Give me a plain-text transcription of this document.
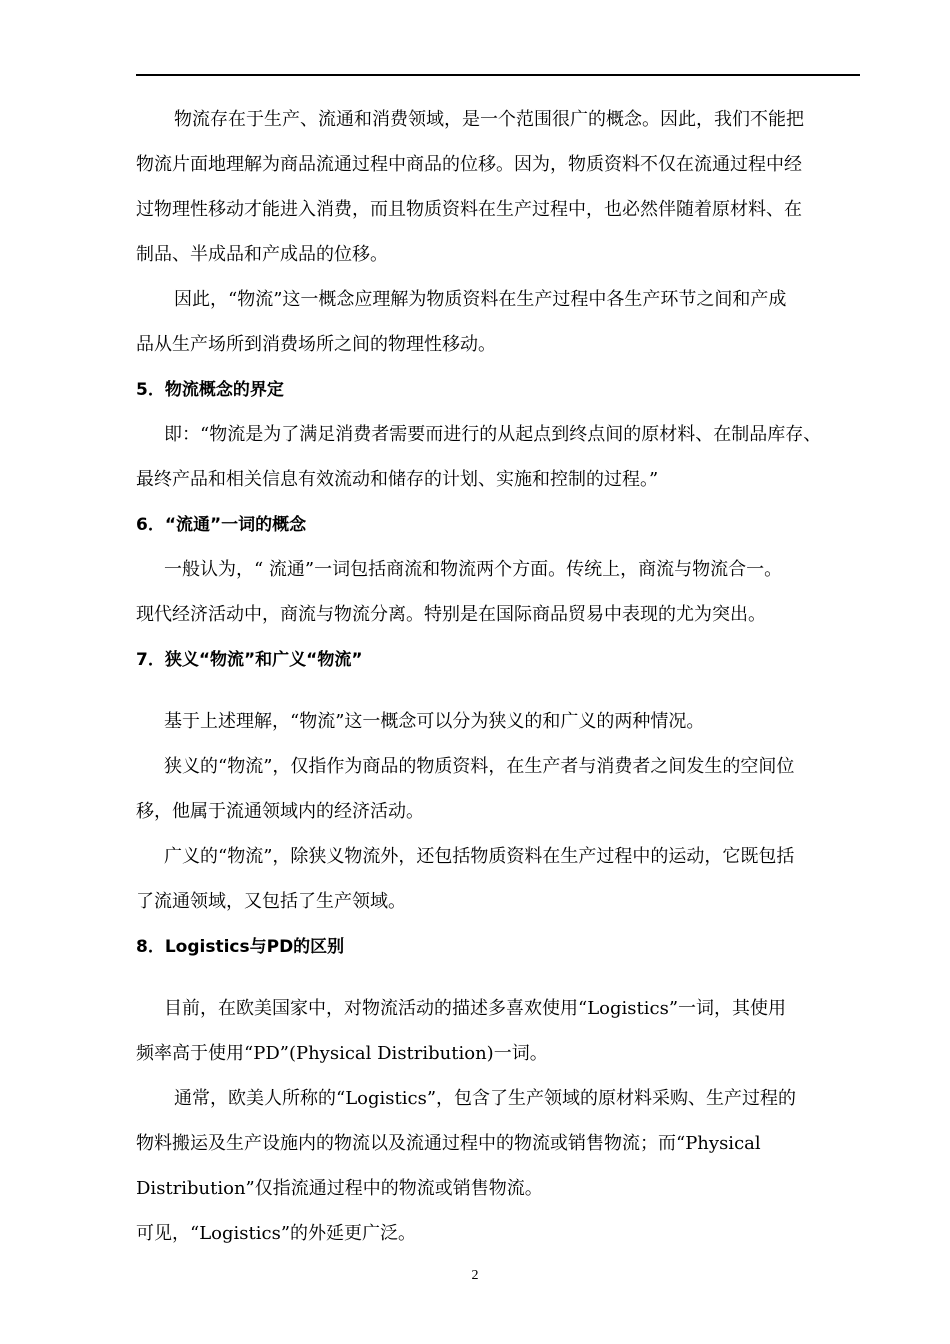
物流存在于生产、流通和消费领域，是一个范围很广的概念。因此，我们不能把
物流片面地理解为商品流通过程中商品的位移。因为，物质资料不仅在流通过程中经
过物理性移动才能进入消费，而且物质资料在生产过程中，也必然伴随着原材料、在
制品、半成品和产成品的位移。
因此，“物流”这一概念应理解为物质资料在生产过程中各生产环节之间和产成
品从生产场所到消费场所之间的物理性移动。
5．物流概念的界定
即：“物流是为了满足消费者需要而进行的从起点到终点间的原材料、在制品库存、
最终产品和相关信息有效流动和储存的计划、实施和控制的过程。”
6．“流通”一词的概念
一般认为，“ 流通”一词包括商流和物流两个方面。传统上，商流与物流合一。
现代经济活动中，商流与物流分离。特别是在国际商品贸易中表现的尤为突出。
7．狭义“物流”和广义“物流”
基于上述理解，“物流”这一概念可以分为狭义的和广义的两种情况。
狭义的“物流”，仅指作为商品的物质资料，在生产者与消费者之间发生的空间位
移，他属于流通领域内的经济活动。
广义的“物流”，除狭义物流外，还包括物质资料在生产过程中的运动，它既包括
了流通领域，又包括了生产领域。
8．Logistics与PD的区别
目前，在欧美国家中，对物流活动的描述多喜欢使用“Logistics”一词，其使用
频率高于使用“PD”(Physical Distribution)一词。
通常，欧美人所称的“Logistics”，包含了生产领域的原材料采购、生产过程的
物料搬运及生产设施内的物流以及流通过程中的物流或销售物流；而“Physical
Distribution”仅指流通过程中的物流或销售物流。
可见，“Logistics”的外延更广泛。
2
